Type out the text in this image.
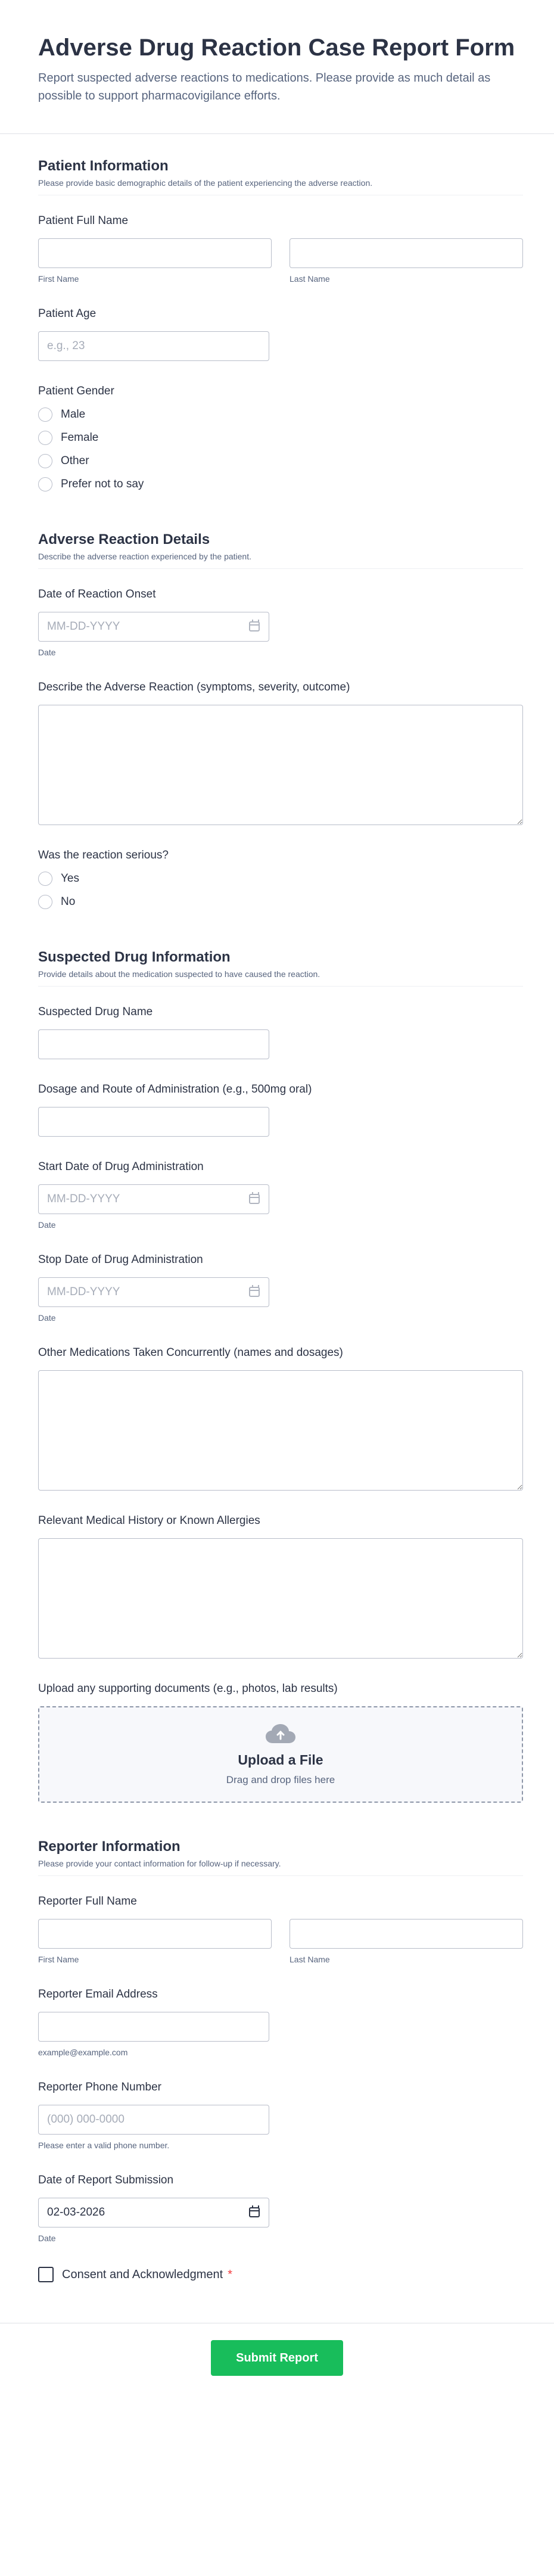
Adverse Drug Reaction Case Report Form

Report suspected adverse reactions to medications. Please provide as much detail as possible to support pharmacovigilance efforts.

Patient Information

Please provide basic demographic details of the patient experiencing the adverse reaction.

Patient Full Name
First Name	Last Name
Patient Age
e.g., 23
Patient Gender
Male
Female
Other
Prefer not to say
Adverse Reaction Details

Describe the adverse reaction experienced by the patient.

Date of Reaction Onset
MM-DD-YYYY
Date
Describe the Adverse Reaction (symptoms, severity, outcome)
Was the reaction serious?
Yes
No
Suspected Drug Information

Provide details about the medication suspected to have caused the reaction.

Suspected Drug Name
Dosage and Route of Administration (e.g., 500mg oral)
Start Date of Drug Administration
MM-DD-YYYY
Date
Stop Date of Drug Administration
MM-DD-YYYY
Date
Other Medications Taken Concurrently (names and dosages)
Relevant Medical History or Known Allergies
Upload any supporting documents (e.g., photos, lab results)
Upload a File
Drag and drop files here
Reporter Information

Please provide your contact information for follow-up if necessary.

Reporter Full Name
First Name	Last Name
Reporter Email Address
example@example.com
Reporter Phone Number
(000) 000-0000
Please enter a valid phone number.
Date of Report Submission
02-03-2026
Date
Consent and Acknowledgment *
Submit Report
